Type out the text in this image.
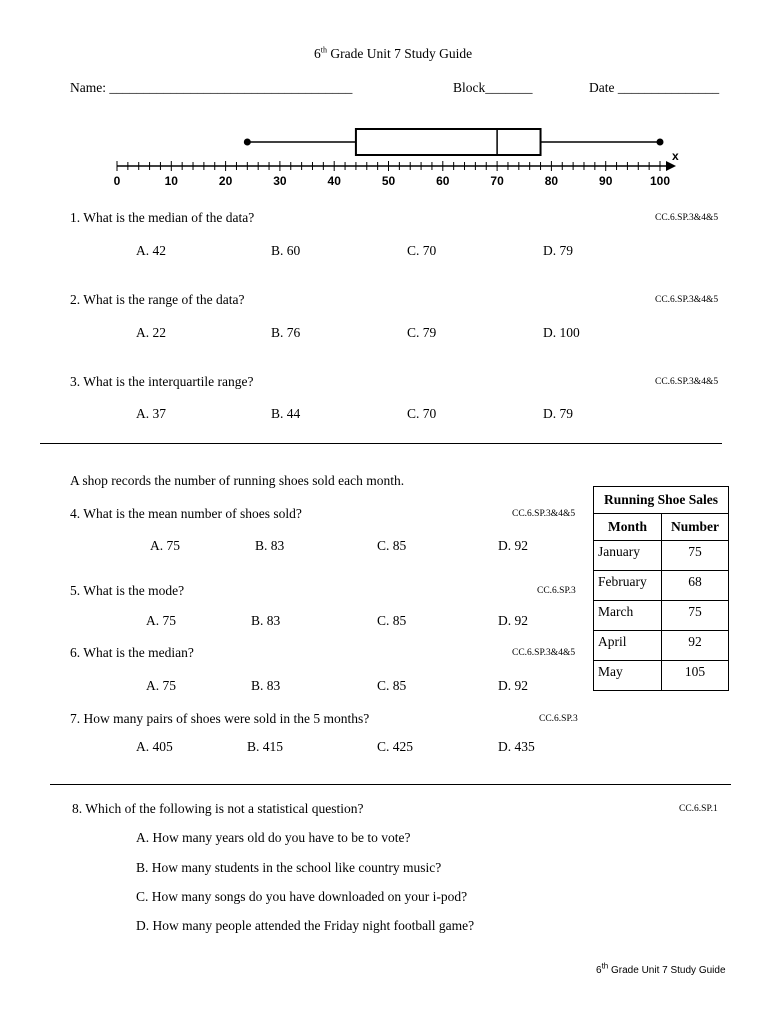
6th Grade Unit 7 Study Guide
Name: ____________________________________	Block_______	Date _______________
0	10	20	30	40	50	60	70	80	90	100
x
1. What is the median of the data?	CC.6.SP.3&4&5
A. 42	B. 60	C. 70	D. 79
2. What is the range of the data?	CC.6.SP.3&4&5
A. 22	B. 76	C. 79	D. 100
3. What is the interquartile range?	CC.6.SP.3&4&5
A. 37	B. 44	C. 70	D. 79
A shop records the number of running shoes sold each month.
4. What is the mean number of shoes sold?	CC.6.SP.3&4&5
A. 75	B. 83	C. 85	D. 92
5. What is the mode?	CC.6.SP.3
A. 75	B. 83	C. 85	D. 92
6. What is the median?	CC.6.SP.3&4&5
A. 75	B. 83	C. 85	D. 92
7. How many pairs of shoes were sold in the 5 months?	CC.6.SP.3
A. 405	B. 415	C. 425	D. 435
Running Shoe Sales	
Month	Number
January	75
February	68
March	75
April	92
May	105
8. Which of the following is not a statistical question?	CC.6.SP.1
A. How many years old do you have to be to vote?
B. How many students in the school like country music?
C. How many songs do you have downloaded on your i-pod?
D. How many people attended the Friday night football game?
6th Grade Unit 7 Study Guide
